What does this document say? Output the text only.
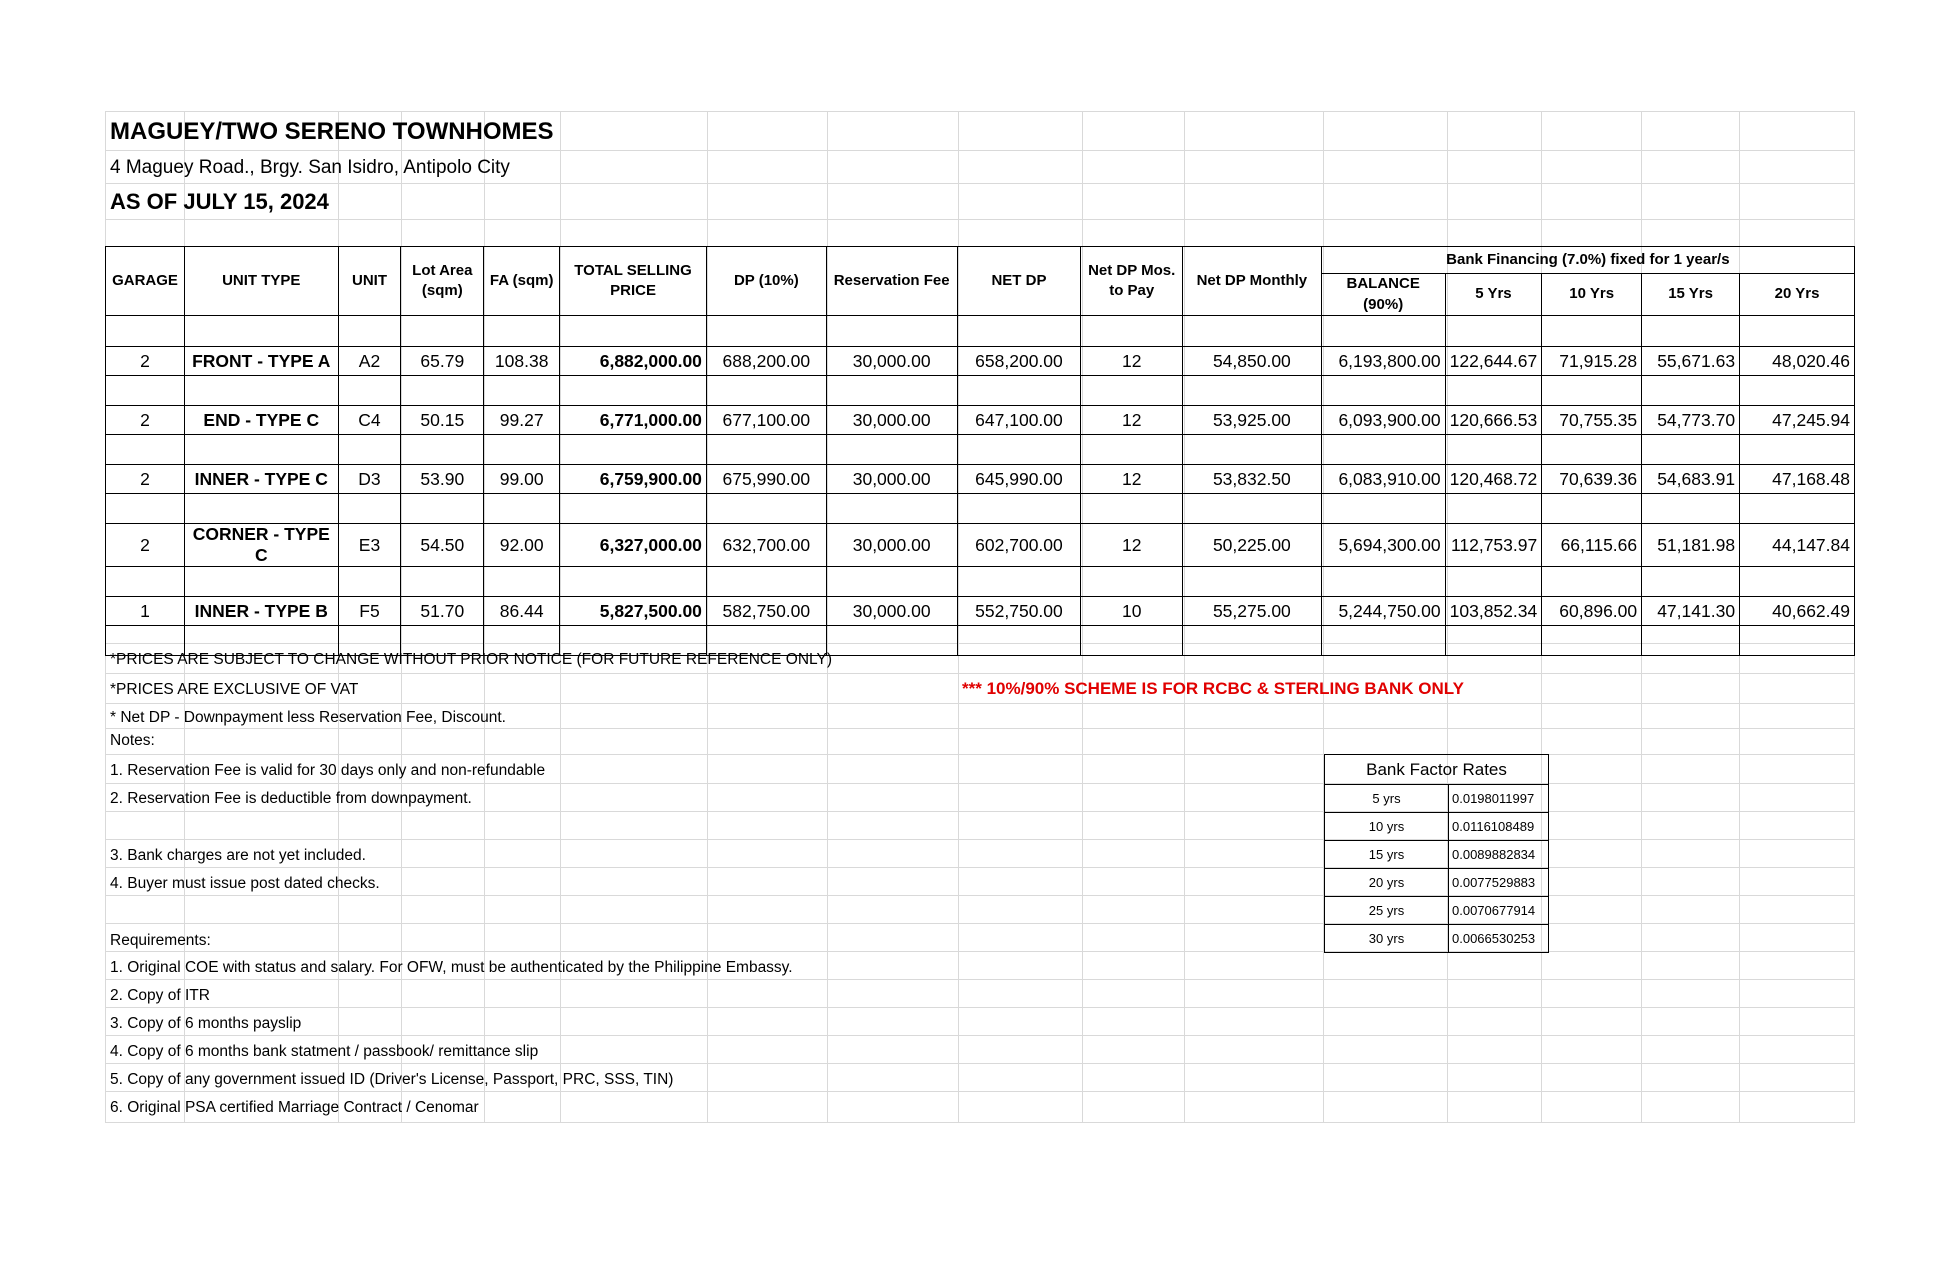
MAGUEY/TWO SERENO TOWNHOMES
4 Maguey Road., Brgy. San Isidro, Antipolo City
AS OF JULY 15, 2024
GARAGE	UNIT TYPE	UNIT	Lot Area (sqm)	FA (sqm)	TOTAL SELLING PRICE	DP (10%)	Reservation Fee	NET DP	Net DP Mos. to Pay	Net DP Monthly	Bank Financing (7.0%) fixed for 1 year/s				
											BALANCE (90%)	5 Yrs	10 Yrs	15 Yrs	20 Yrs

2	FRONT - TYPE A	A2	65.79	108.38	6,882,000.00	688,200.00	30,000.00	658,200.00	12	54,850.00	6,193,800.00	122,644.67	71,915.28	55,671.63	48,020.46

2	END - TYPE C	C4	50.15	99.27	6,771,000.00	677,100.00	30,000.00	647,100.00	12	53,925.00	6,093,900.00	120,666.53	70,755.35	54,773.70	47,245.94

2	INNER - TYPE C	D3	53.90	99.00	6,759,900.00	675,990.00	30,000.00	645,990.00	12	53,832.50	6,083,910.00	120,468.72	70,639.36	54,683.91	47,168.48

2	CORNER - TYPE C	E3	54.50	92.00	6,327,000.00	632,700.00	30,000.00	602,700.00	12	50,225.00	5,694,300.00	112,753.97	66,115.66	51,181.98	44,147.84

1	INNER - TYPE B	F5	51.70	86.44	5,827,500.00	582,750.00	30,000.00	552,750.00	10	55,275.00	5,244,750.00	103,852.34	60,896.00	47,141.30	40,662.49

*PRICES ARE SUBJECT TO CHANGE WITHOUT PRIOR NOTICE (FOR FUTURE REFERENCE ONLY)
*PRICES ARE EXCLUSIVE OF VAT	*** 10%/90% SCHEME IS FOR RCBC & STERLING BANK ONLY
* Net DP - Downpayment less Reservation Fee, Discount.
Notes:
1. Reservation Fee is valid for 30 days only and non-refundable
2. Reservation Fee is deductible from downpayment.
3. Bank charges are not yet included.
4. Buyer must issue post dated checks.
Requirements:
1. Original COE with status and salary. For OFW, must be authenticated by the Philippine Embassy.
2. Copy of ITR
3. Copy of 6 months payslip
4. Copy of 6 months bank statment / passbook/ remittance slip
5. Copy of any government issued ID (Driver's License, Passport, PRC, SSS, TIN)
6. Original PSA certified Marriage Contract / Cenomar
Bank Factor Rates	
5 yrs	0.0198011997
10 yrs	0.0116108489
15 yrs	0.0089882834
20 yrs	0.0077529883
25 yrs	0.0070677914
30 yrs	0.0066530253
